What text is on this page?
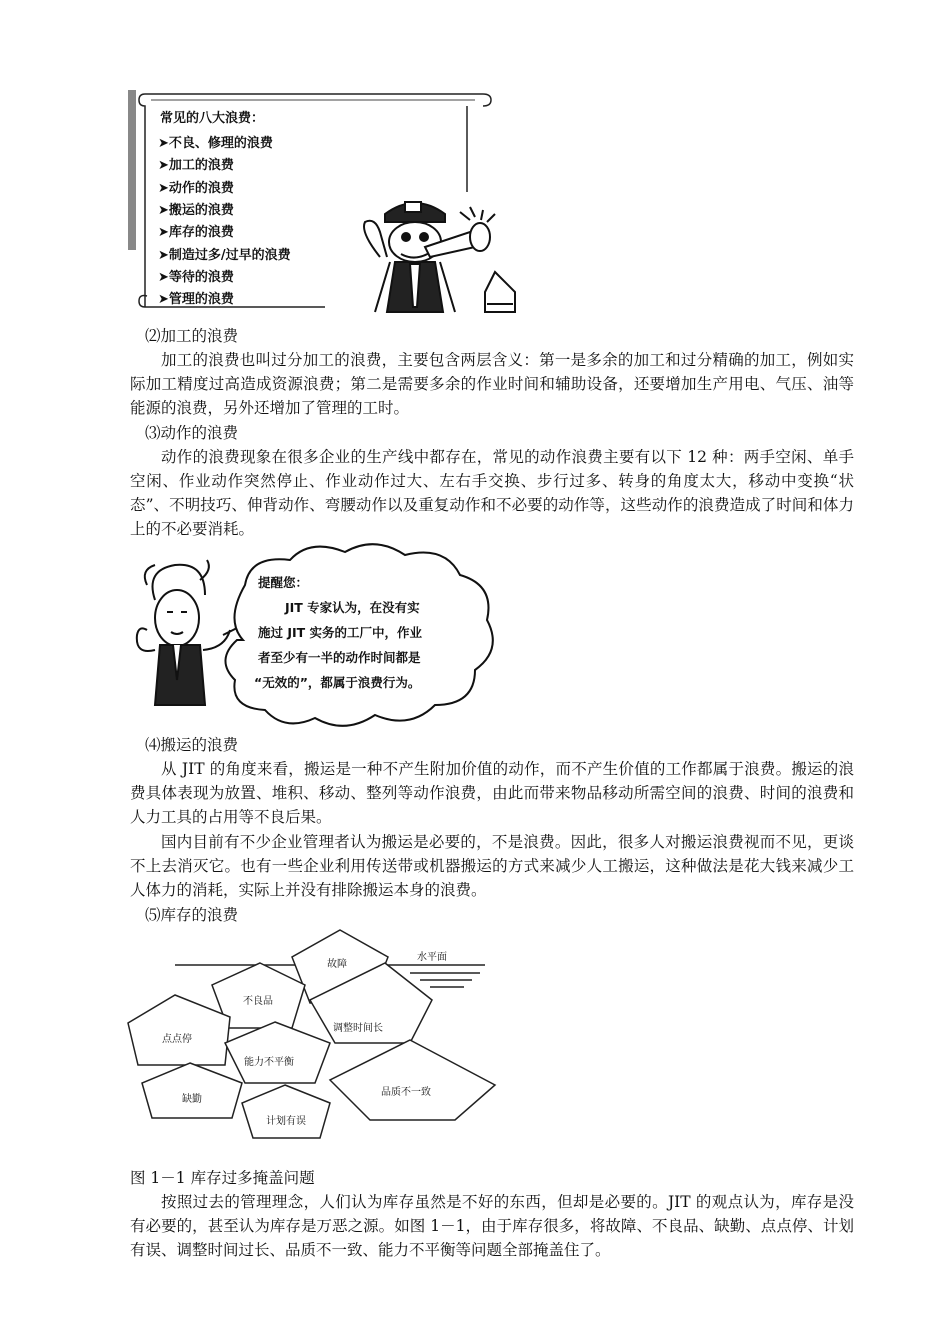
常见的八大浪费：
➤不良、修理的浪费
➤加工的浪费
➤动作的浪费
➤搬运的浪费
➤库存的浪费
➤制造过多/过早的浪费
➤等待的浪费
➤管理的浪费

⑵加工的浪费

加工的浪费也叫过分加工的浪费，主要包含两层含义：第一是多余的加工和过分精确的加工，例如实际加工精度过高造成资源浪费；第二是需要多余的作业时间和辅助设备，还要增加生产用电、气压、油等能源的浪费，另外还增加了管理的工时。

⑶动作的浪费

动作的浪费现象在很多企业的生产线中都存在，常见的动作浪费主要有以下 12 种：两手空闲、单手空闲、作业动作突然停止、作业动作过大、左右手交换、步行过多、转身的角度太大，移动中变换“状态”、不明技巧、伸背动作、弯腰动作以及重复动作和不必要的动作等，这些动作的浪费造成了时间和体力上的不必要消耗。

提醒您：
JIT 专家认为，在没有实
施过 JIT 实务的工厂中，作业
者至少有一半的动作时间都是
“无效的”，都属于浪费行为。

⑷搬运的浪费

从 JIT 的角度来看，搬运是一种不产生附加价值的动作，而不产生价值的工作都属于浪费。搬运的浪费具体表现为放置、堆积、移动、整列等动作浪费，由此而带来物品移动所需空间的浪费、时间的浪费和人力工具的占用等不良后果。

国内目前有不少企业管理者认为搬运是必要的，不是浪费。因此，很多人对搬运浪费视而不见，更谈不上去消灭它。也有一些企业利用传送带或机器搬运的方式来减少人工搬运，这种做法是花大钱来减少工人体力的消耗，实际上并没有排除搬运本身的浪费。

⑸库存的浪费

水平面
故障
不良品
调整时间长
点点停
能力不平衡
品质不一致
缺勤
计划有误

图 1－1 库存过多掩盖问题

按照过去的管理理念，人们认为库存虽然是不好的东西，但却是必要的。JIT 的观点认为，库存是没有必要的，甚至认为库存是万恶之源。如图 1－1，由于库存很多，将故障、不良品、缺勤、点点停、计划有误、调整时间过长、品质不一致、能力不平衡等问题全部掩盖住了。
